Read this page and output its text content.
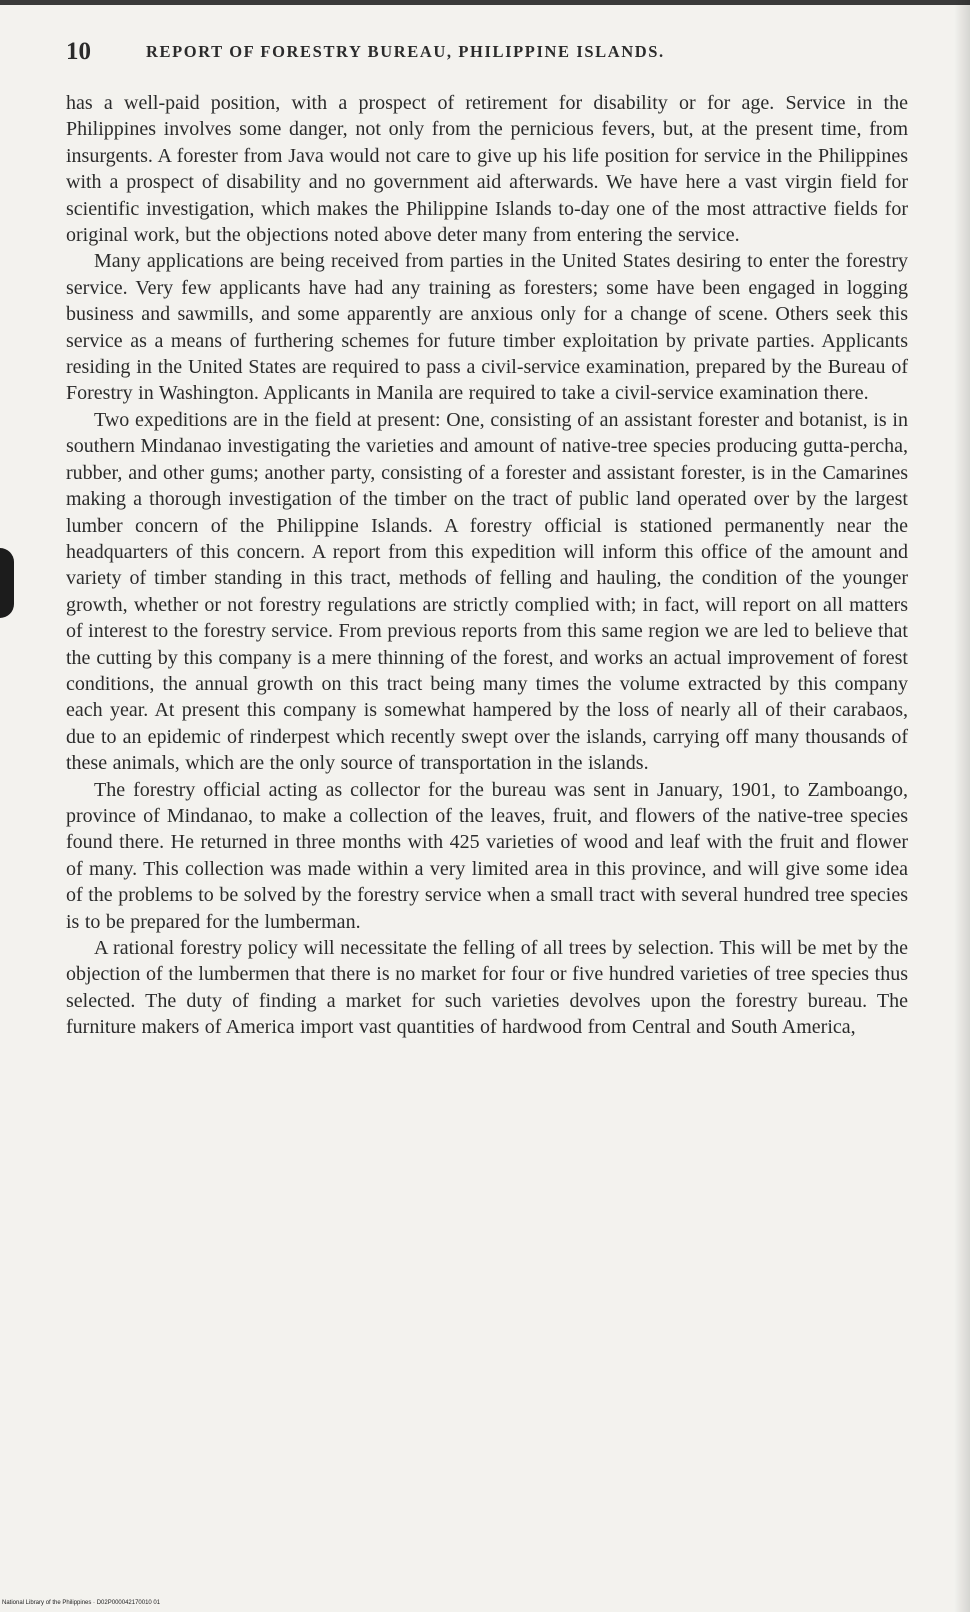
10	REPORT OF FORESTRY BUREAU, PHILIPPINE ISLANDS.

has a well-paid position, with a prospect of retirement for disability or for age. Service in the Philippines involves some danger, not only from the pernicious fevers, but, at the present time, from insurgents. A forester from Java would not care to give up his life position for service in the Philippines with a prospect of disability and no government aid afterwards. We have here a vast virgin field for scientific investigation, which makes the Philippine Islands to-day one of the most attractive fields for original work, but the objections noted above deter many from entering the service.

Many applications are being received from parties in the United States desiring to enter the forestry service. Very few applicants have had any training as foresters; some have been engaged in logging business and sawmills, and some apparently are anxious only for a change of scene. Others seek this service as a means of furthering schemes for future timber exploitation by private parties. Applicants residing in the United States are required to pass a civil-service examination, prepared by the Bureau of Forestry in Washington. Applicants in Manila are required to take a civil-service examination there.

Two expeditions are in the field at present: One, consisting of an assistant forester and botanist, is in southern Mindanao investigating the varieties and amount of native-tree species producing gutta-percha, rubber, and other gums; another party, consisting of a forester and assistant forester, is in the Camarines making a thorough investigation of the timber on the tract of public land operated over by the largest lumber concern of the Philippine Islands. A forestry official is stationed permanently near the headquarters of this concern. A report from this expedition will inform this office of the amount and variety of timber standing in this tract, methods of felling and hauling, the condition of the younger growth, whether or not forestry regulations are strictly complied with; in fact, will report on all matters of interest to the forestry service. From previous reports from this same region we are led to believe that the cutting by this company is a mere thinning of the forest, and works an actual improvement of forest conditions, the annual growth on this tract being many times the volume extracted by this company each year. At present this company is somewhat hampered by the loss of nearly all of their carabaos, due to an epidemic of rinderpest which recently swept over the islands, carrying off many thousands of these animals, which are the only source of transportation in the islands.

The forestry official acting as collector for the bureau was sent in January, 1901, to Zamboango, province of Mindanao, to make a collection of the leaves, fruit, and flowers of the native-tree species found there. He returned in three months with 425 varieties of wood and leaf with the fruit and flower of many. This collection was made within a very limited area in this province, and will give some idea of the problems to be solved by the forestry service when a small tract with several hundred tree species is to be prepared for the lumberman.

A rational forestry policy will necessitate the felling of all trees by selection. This will be met by the objection of the lumbermen that there is no market for four or five hundred varieties of tree species thus selected. The duty of finding a market for such varieties devolves upon the forestry bureau. The furniture makers of America import vast quantities of hardwood from Central and South America,

National Library of the Philippines · D02P000042170010 01
